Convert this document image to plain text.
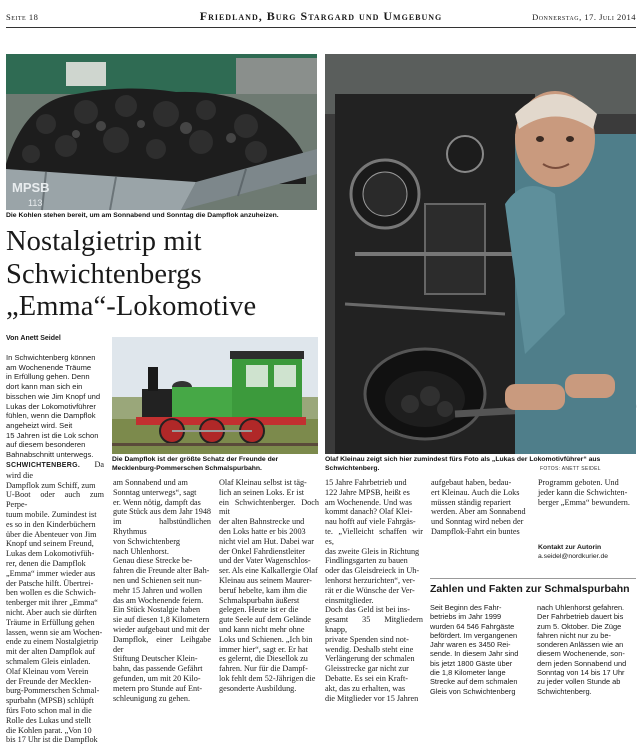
Seite 18	Friedland, Burg Stargard und Umgebung	Donnerstag, 17. Juli 2014
MPSB
113
Die Kohlen stehen bereit, um am Sonnabend und Sonntag die Dampflok anzuheizen.
Olaf Kleinau zeigt sich hier zumindest fürs Foto als „Lukas der Lokomotivführer“ aus
Schwichtenberg.	FOTOS: ANETT SEIDEL
Nostalgietrip mit
Schwichtenbergs
„Emma“-Lokomotive
Von Anett Seidel
In Schwichtenberg können
am Wochenende Träume
in Erfüllung gehen. Denn
dort kann man sich ein
bisschen wie Jim Knopf und
Lukas der Lokomotivführer
fühlen, wenn die Dampflok
angeheizt wird. Seit
15 Jahren ist die Lok schon
auf diesem besonderen
Bahnabschnitt unterwegs.
Die Dampflok ist der größte Schatz der Freunde der
Mecklenburg-Pommerschen Schmalspurbahn.
SCHWICHTENBERG. Da wird die
Dampflok zum Schiff, zum
U-Boot oder auch zum Perpe-
tuum mobile. Zumindest ist
es so in den Kinderbüchern
über die Abenteuer von Jim
Knopf und seinem Freund,
Lukas dem Lokomotivfüh-
rer, denen die Dampflok
„Emma“ immer wieder aus
der Patsche hilft. Übertrei-
ben wollen es die Schwich-
tenberger mit ihrer „Emma“
nicht. Aber auch sie dürften
Träume in Erfüllung gehen
lassen, wenn sie am Wochen-
ende zu einem Nostalgietrip
mit der alten Dampflok auf
schmalem Gleis einladen.
Olaf Kleinau vom Verein
der Freunde der Mecklen-
burg-Pommerschen Schmal-
spurbahn (MPSB) schlüpft
fürs Foto schon mal in die
Rolle des Lukas und stellt
die Kohlen parat. „Von 10
bis 17 Uhr ist die Dampflok
am Sonnabend und am
Sonntag unterwegs“, sagt
er. Wenn nötig, dampft das
gute Stück aus dem Jahr 1948
im halbstündlichen Rhythmus
von Schwichtenberg
nach Uhlenhorst.
Genau diese Strecke be-
fahren die Freunde alter Bah-
nen und Schienen seit nun-
mehr 15 Jahren und wollen
das am Wochenende feiern.
Ein Stück Nostalgie haben
sie auf diesen 1,8 Kilometern
wieder aufgebaut und mit der
Dampflok, einer Leihgabe der
Stiftung Deutscher Klein-
bahn, das passende Gefährt
gefunden, um mit 20 Kilo-
metern pro Stunde auf Ent-
schleunigung zu gehen.
Olaf Kleinau selbst ist täg-
lich an seinen Loks. Er ist
ein Schwichtenberger. Doch mit
der alten Bahnstrecke und
den Loks hatte er bis 2003
nicht viel am Hut. Dabei war
der Onkel Fahrdienstleiter
und der Vater Wagenschlos-
ser. Als eine Kalkallergie Olaf
Kleinau aus seinem Maurer-
beruf hebelte, kam ihm die
Schmalspurbahn äußerst
gelegen. Heute ist er die
gute Seele auf dem Gelände
und kann nicht mehr ohne
Loks und Schienen. „Ich bin
immer hier“, sagt er. Er hat
es gelernt, die Diesellok zu
fahren. Nur für die Dampf-
lok fehlt dem 52-Jährigen die
gesonderte Ausbildung.
15 Jahre Fahrbetrieb und
122 Jahre MPSB, heißt es
am Wochenende. Und was
kommt danach? Olaf Klei-
nau hofft auf viele Fahrgäs-
te. „Vielleicht schaffen wir es,
das zweite Gleis in Richtung
Findlingsgarten zu bauen
oder das Gleisdreieck in Uh-
lenhorst herzurichten“, ver-
rät er die Wünsche der Ver-
einsmitglieder.
Doch das Geld ist bei ins-
gesamt 35 Mitgliedern knapp,
private Spenden sind not-
wendig. Deshalb steht eine
Verlängerung der schmalen
Gleisstrecke gar nicht zur
Debatte. Es sei ein Kraft-
akt, das zu erhalten, was
die Mitglieder vor 15 Jahren
aufgebaut haben, bedau-
ert Kleinau. Auch die Loks
müssen ständig repariert
werden. Aber am Sonnabend
und Sonntag wird neben der
Dampflok-Fahrt ein buntes
Programm geboten. Und
jeder kann die Schwichten-
berger „Emma“ bewundern.
Kontakt zur Autorin
a.seidel@nordkurier.de
Zahlen und Fakten zur Schmalspurbahn
Seit Beginn des Fahr-
betriebs im Jahr 1999
wurden 64 546 Fahrgäste
befördert. Im vergangenen
Jahr waren es 3450 Rei-
sende. In diesem Jahr sind
bis jetzt 1800 Gäste über
die 1,8 Kilometer lange
Strecke auf dem schmalen
Gleis von Schwichtenberg
nach Uhlenhorst gefahren.
Der Fahrbetrieb dauert bis
zum 5. Oktober. Die Züge
fahren nicht nur zu be-
sonderen Anlässen wie an
diesem Wochenende, son-
dern jeden Sonnabend und
Sonntag von 14 bis 17 Uhr
zu jeder vollen Stunde ab
Schwichtenberg.
